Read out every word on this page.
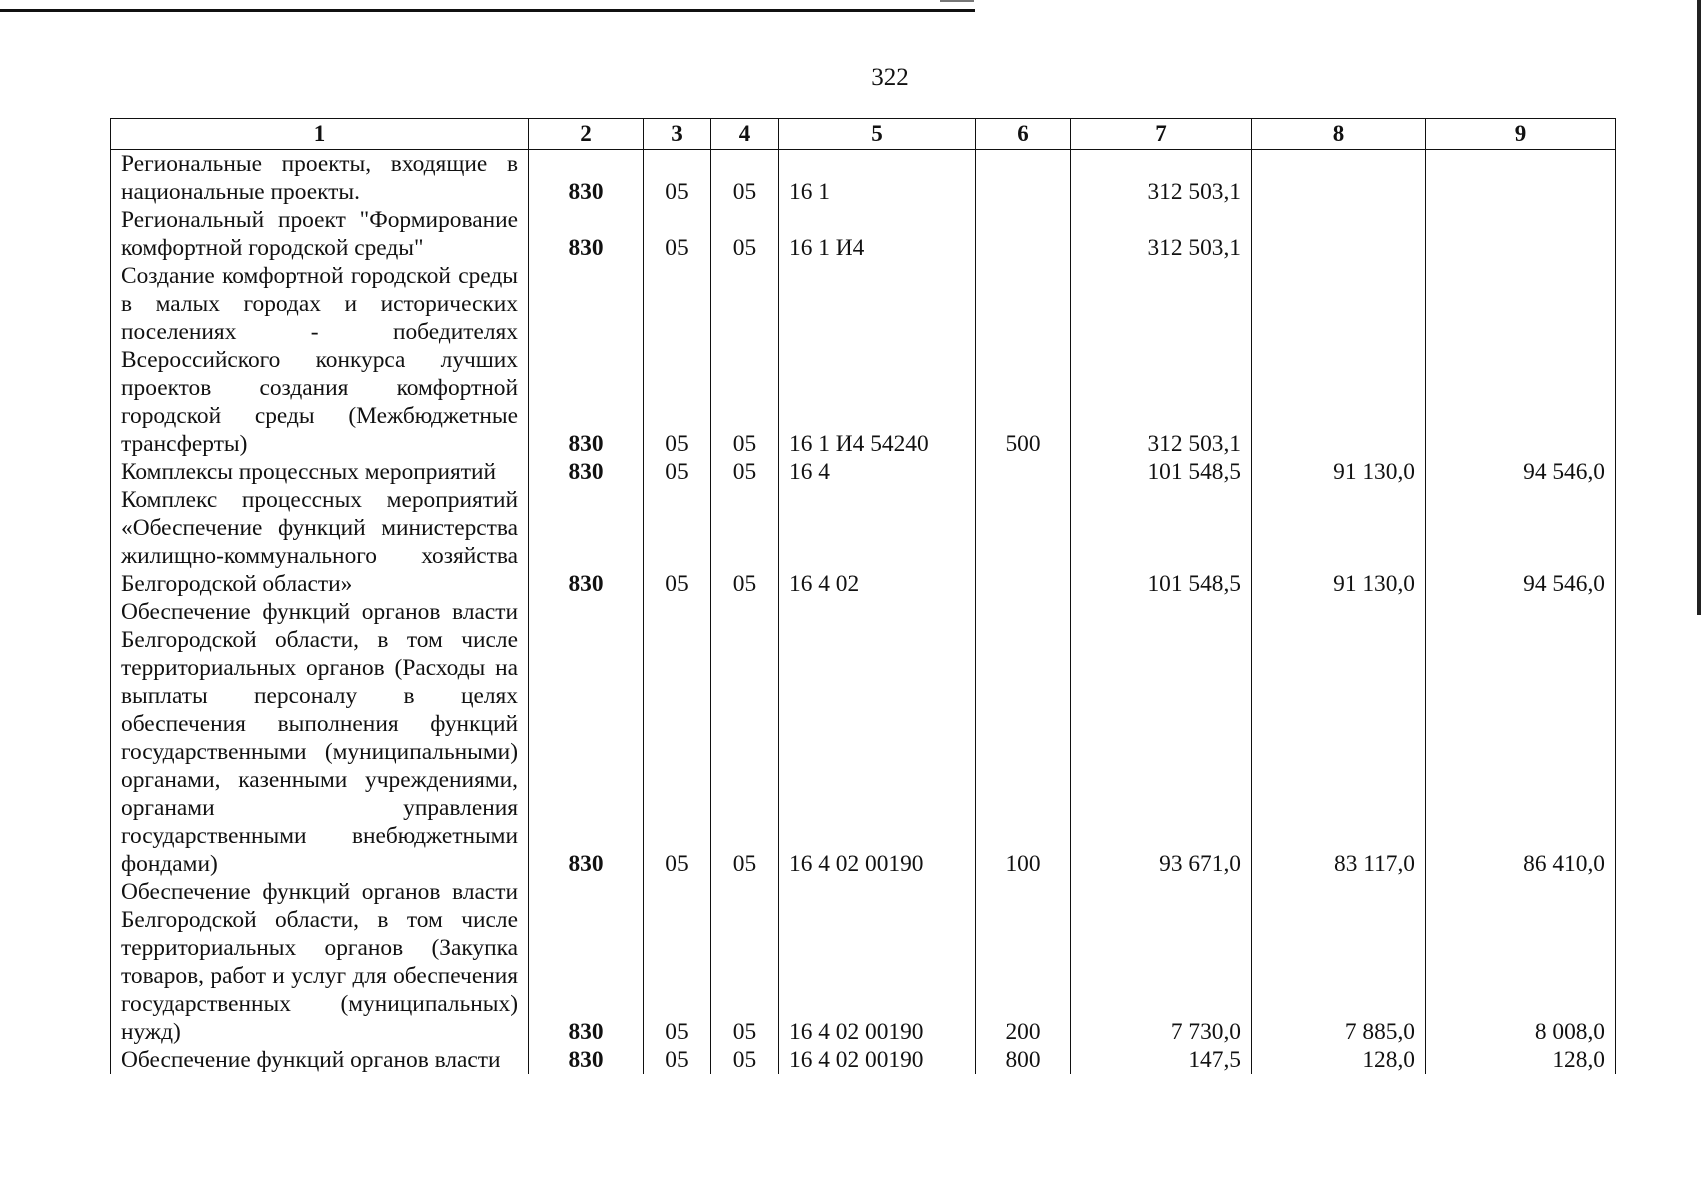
322
1	2	3	4	5	6	7	8	9
Региональные проекты, входящие в национальные проекты.	830	05	05	16 1		312 503,1		
Региональный проект "Формирование комфортной городской среды"	830	05	05	16 1 И4		312 503,1		
Создание комфортной городской среды в малых городах и исторических поселениях - победителях Всероссийского конкурса лучших проектов создания комфортной городской среды (Межбюджетные трансферты)	830	05	05	16 1 И4 54240	500	312 503,1		
Комплексы процессных мероприятий	830	05	05	16 4		101 548,5	91 130,0	94 546,0
Комплекс процессных мероприятий «Обеспечение функций министерства жилищно-коммунального хозяйства Белгородской области»	830	05	05	16 4 02		101 548,5	91 130,0	94 546,0
Обеспечение функций органов власти Белгородской области, в том числе территориальных органов (Расходы на выплаты персоналу в целях обеспечения выполнения функций государственными (муниципальными) органами, казенными учреждениями, органами управления государственными внебюджетными фондами)	830	05	05	16 4 02 00190	100	93 671,0	83 117,0	86 410,0
Обеспечение функций органов власти Белгородской области, в том числе территориальных органов (Закупка товаров, работ и услуг для обеспечения государственных (муниципальных) нужд)	830	05	05	16 4 02 00190	200	7 730,0	7 885,0	8 008,0
Обеспечение функций органов власти	830	05	05	16 4 02 00190	800	147,5	128,0	128,0
